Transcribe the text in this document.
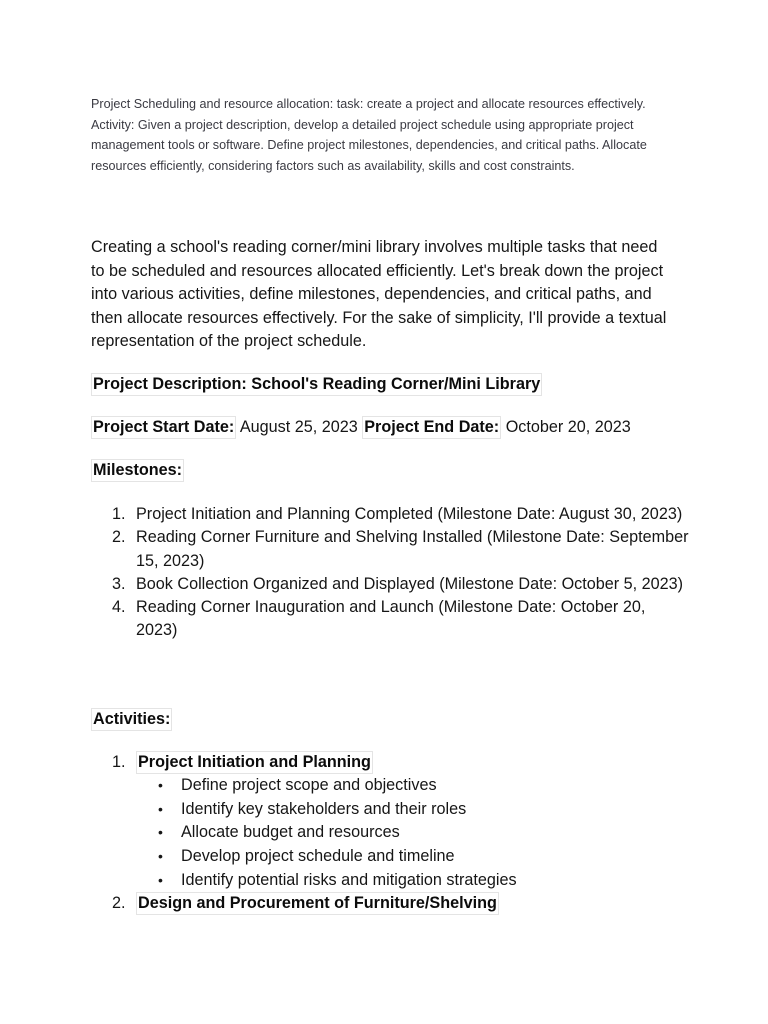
Project Scheduling and resource allocation: task: create a project and allocate resources effectively. Activity: Given a project description, develop a detailed project schedule using appropriate project management tools or software. Define project milestones, dependencies, and critical paths. Allocate resources efficiently, considering factors such as availability, skills and cost constraints.

Creating a school's reading corner/mini library involves multiple tasks that need to be scheduled and resources allocated efficiently. Let's break down the project into various activities, define milestones, dependencies, and critical paths, and then allocate resources effectively. For the sake of simplicity, I'll provide a textual representation of the project schedule.

Project Description: School's Reading Corner/Mini Library
Project Start Date: August 25, 2023 Project End Date: October 20, 2023
Milestones:
1. Project Initiation and Planning Completed (Milestone Date: August 30, 2023)
2. Reading Corner Furniture and Shelving Installed (Milestone Date: September 15, 2023)
3. Book Collection Organized and Displayed (Milestone Date: October 5, 2023)
4. Reading Corner Inauguration and Launch (Milestone Date: October 20, 2023)
Activities:
1. Project Initiation and Planning
• Define project scope and objectives
• Identify key stakeholders and their roles
• Allocate budget and resources
• Develop project schedule and timeline
• Identify potential risks and mitigation strategies
2. Design and Procurement of Furniture/Shelving
